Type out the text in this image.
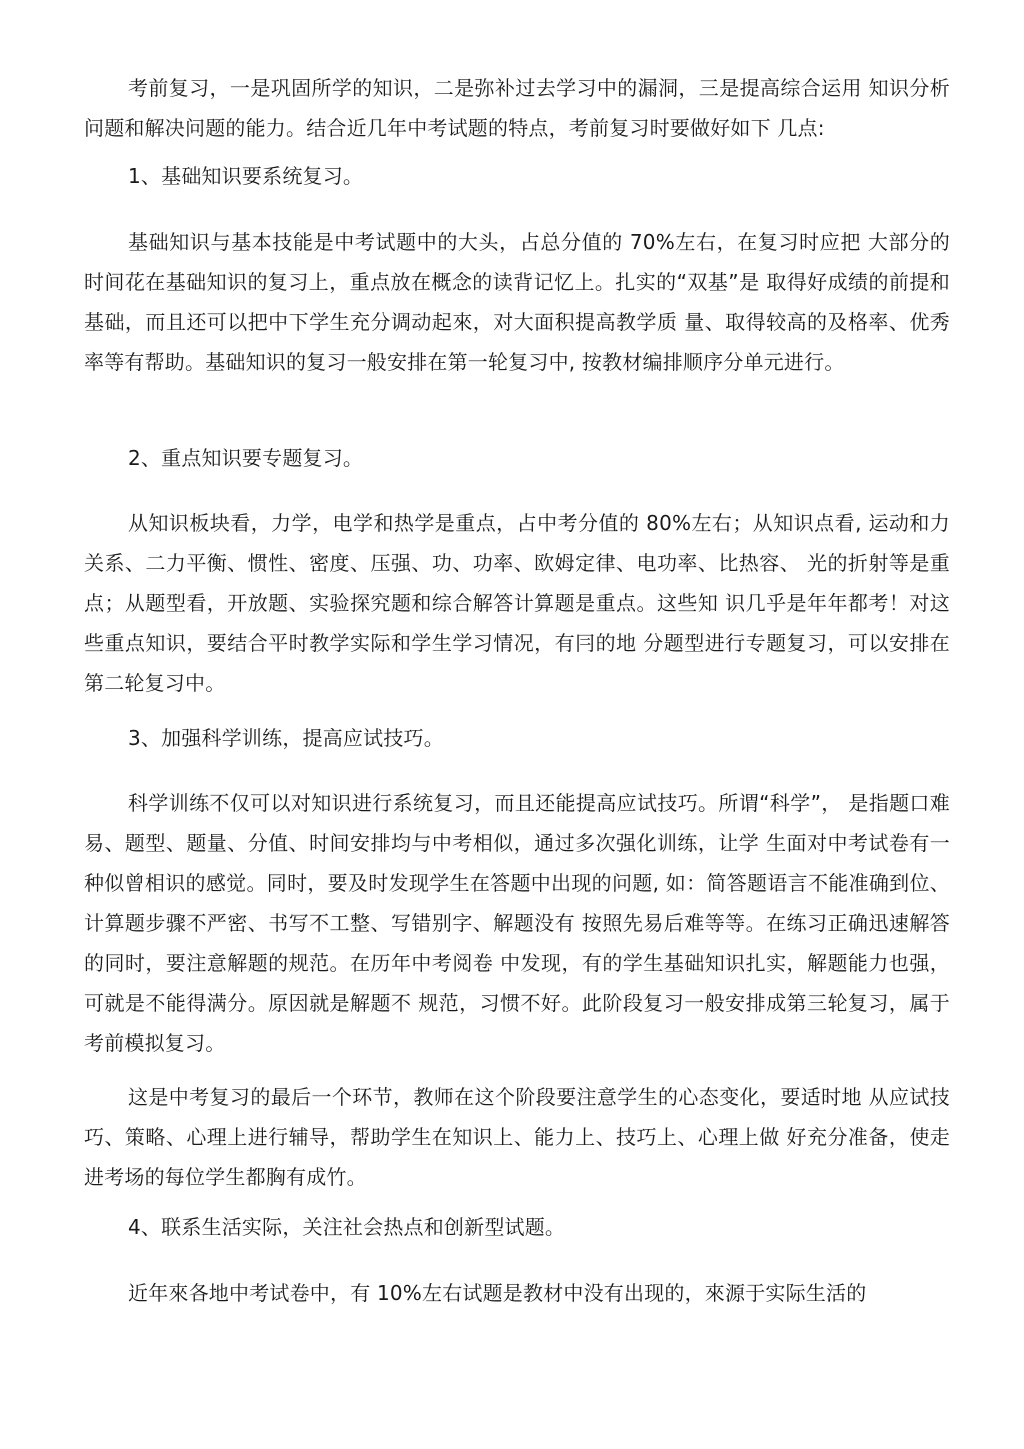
考前复习，一是巩固所学的知识，二是弥补过去学习中的漏洞，三是提高综合运用 知识分析问题和解决问题的能力。结合近几年中考试题的特点，考前复习时要做好如下 几点:

1、基础知识要系统复习。

基础知识与基本技能是中考试题中的大头，占总分值的 70%左右，在复习时应把 大部分的时间花在基础知识的复习上，重点放在概念的读背记忆上。扎实的“双基”是 取得好成绩的前提和基础，而且还可以把中下学生充分调动起來，对大面积提高教学质 量、取得较高的及格率、优秀率等有帮助。基础知识的复习一般安排在第一轮复习中, 按教材编排顺序分单元进行。

2、重点知识要专题复习。

从知识板块看，力学，电学和热学是重点，占中考分值的 80%左右；从知识点看, 运动和力关系、二力平衡、惯性、密度、压强、功、功率、欧姆定律、电功率、比热容、 光的折射等是重点；从题型看，开放题、实验探究题和综合解答计算题是重点。这些知 识几乎是年年都考！对这些重点知识，要结合平时教学实际和学生学习情况，有冃的地 分题型进行专题复习，可以安排在第二轮复习中。

3、加强科学训练，提高应试技巧。

科学训练不仅可以对知识进行系统复习，而且还能提高应试技巧。所谓“科学”， 是指题口难易、题型、题量、分值、时间安排均与中考相似，通过多次强化训练，让学 生面对中考试卷有一种似曾相识的感觉。同时，要及时发现学生在答题中出现的问题, 如：简答题语言不能准确到位、计算题步骤不严密、书写不工整、写错别字、解题没有 按照先易后难等等。在练习正确迅速解答的同时，要注意解题的规范。在历年中考阅卷 中发现，有的学生基础知识扎实，解题能力也强，可就是不能得满分。原因就是解题不 规范，习惯不好。此阶段复习一般安排成第三轮复习，属于考前模拟复习。

这是中考复习的最后一个环节，教师在这个阶段要注意学生的心态变化，要适时地 从应试技巧、策略、心理上进行辅导，帮助学生在知识上、能力上、技巧上、心理上做 好充分准备，使走进考场的每位学生都胸有成竹。

4、联系生活实际，关注社会热点和创新型试题。

近年來各地中考试卷中，有 10%左右试题是教材中没有出现的，來源于实际生活的
